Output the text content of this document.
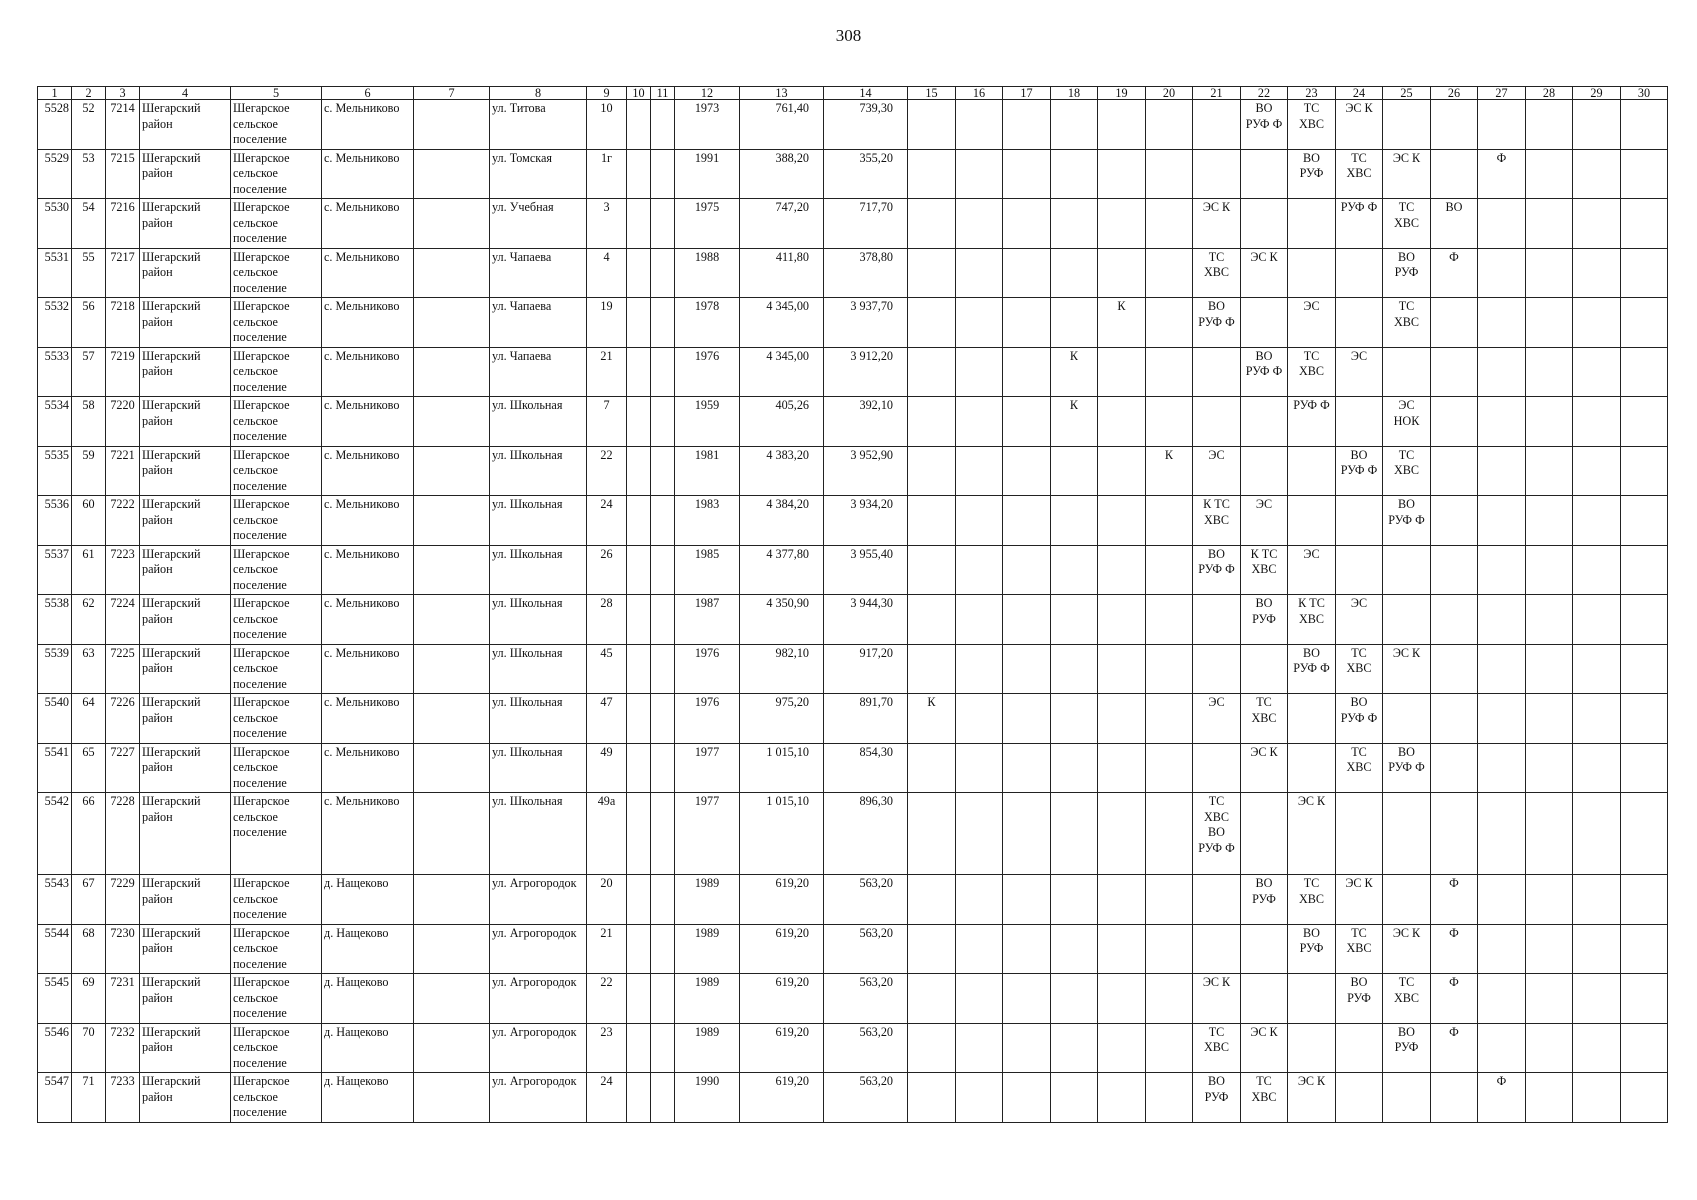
308
1	2	3	4	5	6	7	8	9	10	11	12	13	14	15	16	17	18	19	20	21	22	23	24	25	26	27	28	29	30
5528	52	7214	Шегарский район	Шегарское сельское поселение	с. Мельниково		ул. Титова	10			1973	761,40	739,30								ВО РУФ Ф	ТС ХВС	ЭС К						
5529	53	7215	Шегарский район	Шегарское сельское поселение	с. Мельниково		ул. Томская	1г			1991	388,20	355,20									ВО РУФ	ТС ХВС	ЭС К		Ф			
5530	54	7216	Шегарский район	Шегарское сельское поселение	с. Мельниково		ул. Учебная	3			1975	747,20	717,70							ЭС К			РУФ Ф	ТС ХВС	ВО				
5531	55	7217	Шегарский район	Шегарское сельское поселение	с. Мельниково		ул. Чапаева	4			1988	411,80	378,80							ТС ХВС	ЭС К			ВО РУФ	Ф				
5532	56	7218	Шегарский район	Шегарское сельское поселение	с. Мельниково		ул. Чапаева	19			1978	4 345,00	3 937,70					К		ВО РУФ Ф		ЭС		ТС ХВС					
5533	57	7219	Шегарский район	Шегарское сельское поселение	с. Мельниково		ул. Чапаева	21			1976	4 345,00	3 912,20				К				ВО РУФ Ф	ТС ХВС	ЭС						
5534	58	7220	Шегарский район	Шегарское сельское поселение	с. Мельниково		ул. Школьная	7			1959	405,26	392,10				К					РУФ Ф		ЭС НОК					
5535	59	7221	Шегарский район	Шегарское сельское поселение	с. Мельниково		ул. Школьная	22			1981	4 383,20	3 952,90						К	ЭС			ВО РУФ Ф	ТС ХВС					
5536	60	7222	Шегарский район	Шегарское сельское поселение	с. Мельниково		ул. Школьная	24			1983	4 384,20	3 934,20							К ТС ХВС	ЭС			ВО РУФ Ф					
5537	61	7223	Шегарский район	Шегарское сельское поселение	с. Мельниково		ул. Школьная	26			1985	4 377,80	3 955,40							ВО РУФ Ф	К ТС ХВС	ЭС							
5538	62	7224	Шегарский район	Шегарское сельское поселение	с. Мельниково		ул. Школьная	28			1987	4 350,90	3 944,30								ВО РУФ	К ТС ХВС	ЭС						
5539	63	7225	Шегарский район	Шегарское сельское поселение	с. Мельниково		ул. Школьная	45			1976	982,10	917,20									ВО РУФ Ф	ТС ХВС	ЭС К					
5540	64	7226	Шегарский район	Шегарское сельское поселение	с. Мельниково		ул. Школьная	47			1976	975,20	891,70	К						ЭС	ТС ХВС		ВО РУФ Ф						
5541	65	7227	Шегарский район	Шегарское сельское поселение	с. Мельниково		ул. Школьная	49			1977	1 015,10	854,30								ЭС К		ТС ХВС	ВО РУФ Ф					
5542	66	7228	Шегарский район	Шегарское сельское поселение	с. Мельниково		ул. Школьная	49а			1977	1 015,10	896,30							ТС ХВС ВО РУФ Ф		ЭС К							
5543	67	7229	Шегарский район	Шегарское сельское поселение	д. Нащеково		ул. Агрогородок	20			1989	619,20	563,20								ВО РУФ	ТС ХВС	ЭС К		Ф				
5544	68	7230	Шегарский район	Шегарское сельское поселение	д. Нащеково		ул. Агрогородок	21			1989	619,20	563,20									ВО РУФ	ТС ХВС	ЭС К	Ф				
5545	69	7231	Шегарский район	Шегарское сельское поселение	д. Нащеково		ул. Агрогородок	22			1989	619,20	563,20							ЭС К			ВО РУФ	ТС ХВС	Ф				
5546	70	7232	Шегарский район	Шегарское сельское поселение	д. Нащеково		ул. Агрогородок	23			1989	619,20	563,20							ТС ХВС	ЭС К			ВО РУФ	Ф				
5547	71	7233	Шегарский район	Шегарское сельское поселение	д. Нащеково		ул. Агрогородок	24			1990	619,20	563,20							ВО РУФ	ТС ХВС	ЭС К				Ф			
